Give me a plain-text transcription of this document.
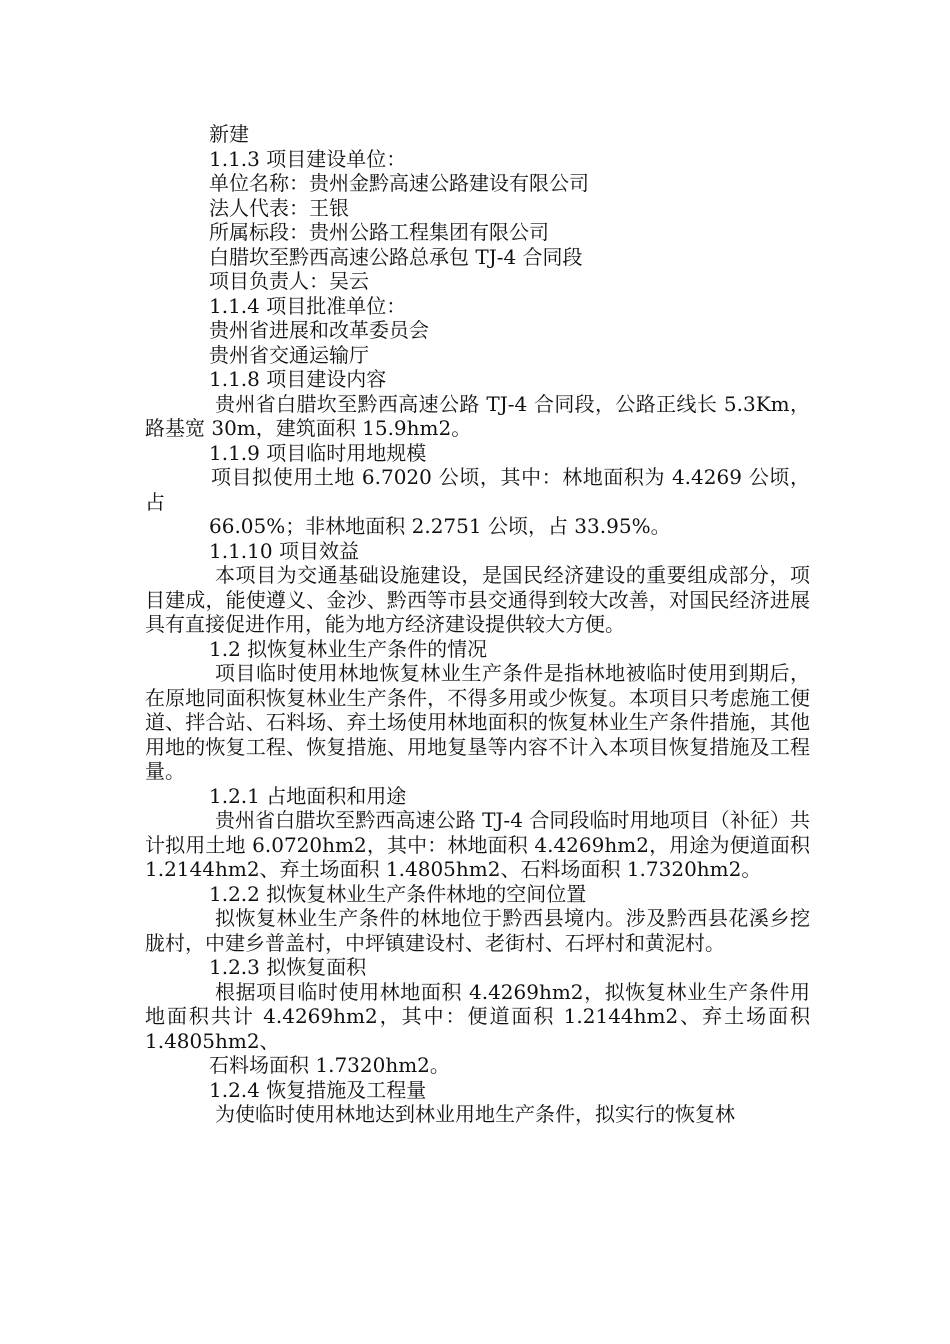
新建
1.1.3 项目建设单位：
单位名称：贵州金黔高速公路建设有限公司
法人代表：王银
所属标段：贵州公路工程集团有限公司
白腊坎至黔西高速公路总承包 TJ-4 合同段
项目负责人：吴云
1.1.4 项目批准单位：
贵州省进展和改革委员会
贵州省交通运输厅
1.1.8 项目建设内容

贵州省白腊坎至黔西高速公路 TJ-4 合同段，公路正线长 5.3Km，路基宽 30m，建筑面积 15.9hm2。

1.1.9 项目临时用地规模

项目拟使用土地 6.7020 公顷，其中：林地面积为 4.4269 公顷，占

66.05%；非林地面积 2.2751 公顷，占 33.95%。
1.1.10 项目效益

本项目为交通基础设施建设，是国民经济建设的重要组成部分，项目建成，能使遵义、金沙、黔西等市县交通得到较大改善，对国民经济进展具有直接促进作用，能为地方经济建设提供较大方便。

1.2 拟恢复林业生产条件的情况

项目临时使用林地恢复林业生产条件是指林地被临时使用到期后，在原地同面积恢复林业生产条件，不得多用或少恢复。本项目只考虑施工便道、拌合站、石料场、弃土场使用林地面积的恢复林业生产条件措施，其他用地的恢复工程、恢复措施、用地复垦等内容不计入本项目恢复措施及工程量。

1.2.1 占地面积和用途

贵州省白腊坎至黔西高速公路 TJ-4 合同段临时用地项目（补征）共计拟用土地 6.0720hm2，其中：林地面积 4.4269hm2，用途为便道面积 1.2144hm2、弃土场面积 1.4805hm2、石料场面积 1.7320hm2。

1.2.2 拟恢复林业生产条件林地的空间位置

拟恢复林业生产条件的林地位于黔西县境内。涉及黔西县花溪乡挖胧村，中建乡普盖村，中坪镇建设村、老街村、石坪村和黄泥村。

1.2.3 拟恢复面积

根据项目临时使用林地面积 4.4269hm2，拟恢复林业生产条件用地面积共计 4.4269hm2，其中：便道面积 1.2144hm2、弃土场面积 1.4805hm2、

石料场面积 1.7320hm2。
1.2.4 恢复措施及工程量

为使临时使用林地达到林业用地生产条件，拟实行的恢复林
